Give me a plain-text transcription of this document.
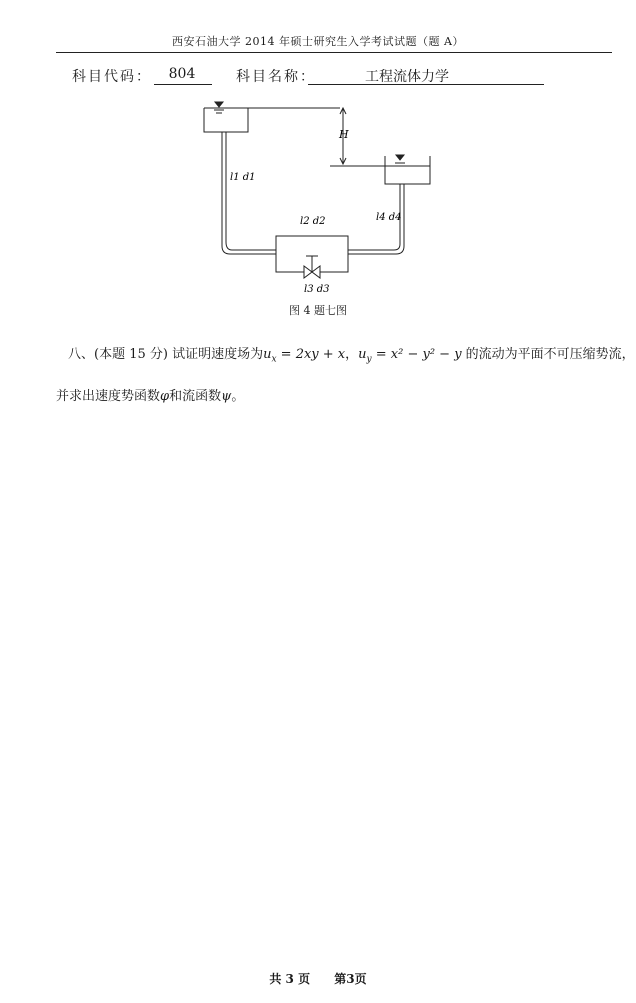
西安石油大学 2014 年硕士研究生入学考试试题（题 A）
科目代码：	804	科目名称：	工程流体力学
H
l1 d1
l2 d2
l3 d3
l4 d4
图 4 题七图
八、(本题 15 分) 试证明速度场为$u_x = 2xy + x$，$u_y = x^2 - y^2 - y$ 的流动为平面不可压缩势流，
并求出速度势函数φ和流函数ψ。
共 3 页 第3页
